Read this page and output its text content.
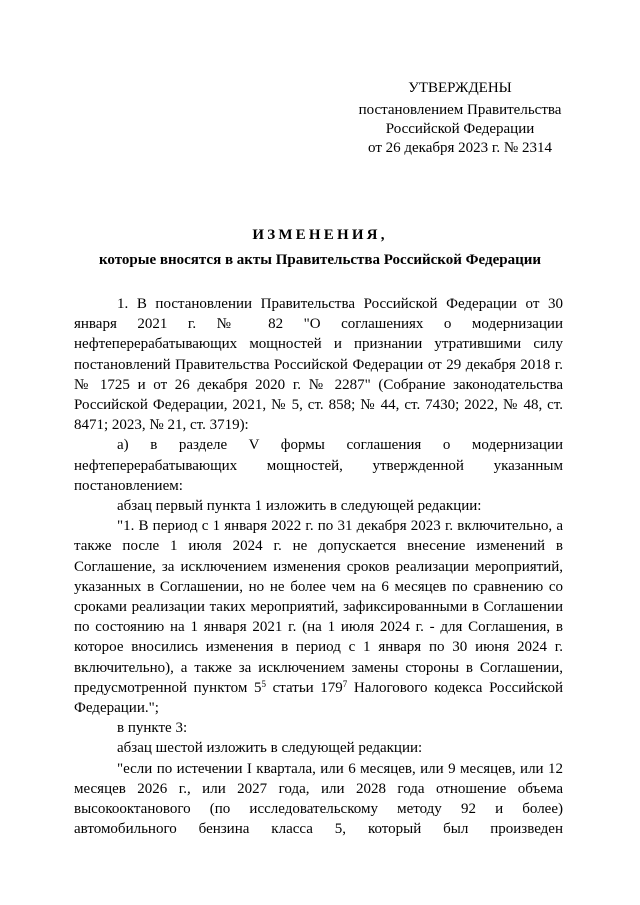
УТВЕРЖДЕНЫ
постановлением Правительства
Российской Федерации
от 26 декабря 2023 г. № 2314
ИЗМЕНЕНИЯ,
которые вносятся в акты Правительства Российской Федерации

1. В постановлении Правительства Российской Федерации от 30 января 2021 г. № 82 "О соглашениях о модернизации нефтеперерабатывающих мощностей и признании утратившими силу постановлений Правительства Российской Федерации от 29 декабря 2018 г. № 1725 и от 26 декабря 2020 г. № 2287" (Собрание законодательства Российской Федерации, 2021, № 5, ст. 858; № 44, ст. 7430; 2022, № 48, ст. 8471; 2023, № 21, ст. 3719):

а) в разделе V формы соглашения о модернизации нефтеперерабатывающих мощностей, утвержденной указанным постановлением:

абзац первый пункта 1 изложить в следующей редакции:

"1. В период с 1 января 2022 г. по 31 декабря 2023 г. включительно, а также после 1 июля 2024 г. не допускается внесение изменений в Соглашение, за исключением изменения сроков реализации мероприятий, указанных в Соглашении, но не более чем на 6 месяцев по сравнению со сроками реализации таких мероприятий, зафиксированными в Соглашении по состоянию на 1 января 2021 г. (на 1 июля 2024 г. - для Соглашения, в которое вносились изменения в период с 1 января по 30 июня 2024 г. включительно), а также за исключением замены стороны в Соглашении, предусмотренной пунктом $5^5$ статьи $179^7$ Налогового кодекса Российской Федерации.";

в пункте 3:

абзац шестой изложить в следующей редакции:

"если по истечении I квартала, или 6 месяцев, или 9 месяцев, или 12 месяцев 2026 г., или 2027 года, или 2028 года отношение объема высокооктанового (по исследовательскому методу 92 и более) автомобильного бензина класса 5, который был произведен
